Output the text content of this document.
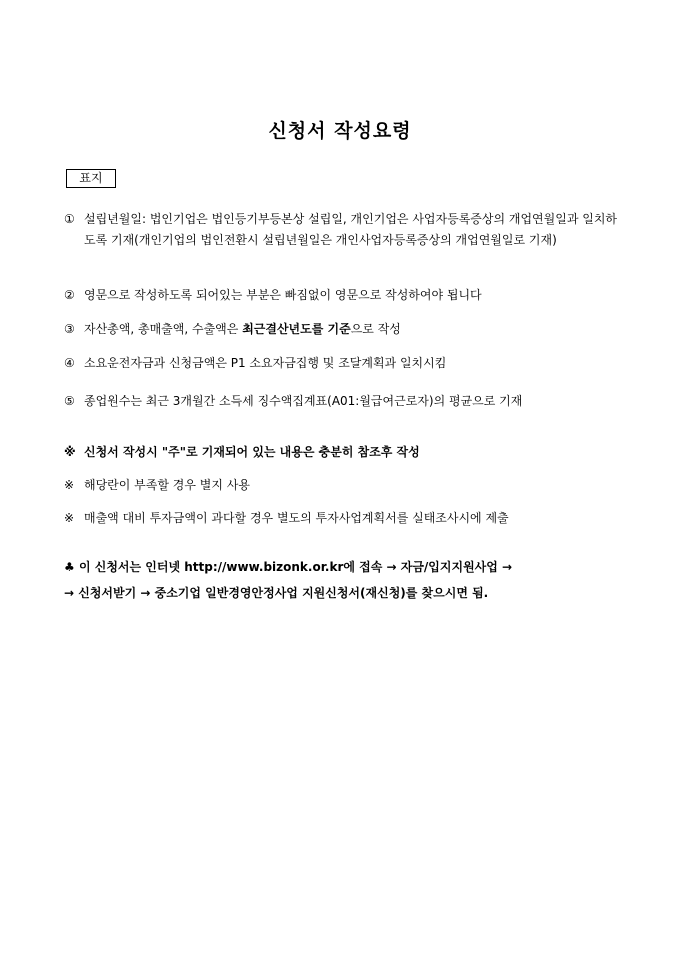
신청서 작성요령
표지
① 설립년월일: 법인기업은 법인등기부등본상 설립일, 개인기업은 사업자등록증상의 개업연월일과 일치하도록 기재(개인기업의 법인전환시 설립년월일은 개인사업자등록증상의 개업연월일로 기재)
② 영문으로 작성하도록 되어있는 부분은 빠짐없이 영문으로 작성하여야 됩니다
③ 자산총액, 총매출액, 수출액은 최근결산년도를 기준으로 작성
④ 소요운전자금과 신청금액은 P1 소요자금집행 및 조달계획과 일치시킴
⑤ 종업원수는 최근 3개월간 소득세 징수액집계표(A01:월급여근로자)의 평균으로 기재
※ 신청서 작성시 "주"로 기재되어 있는 내용은 충분히 참조후 작성
※ 해당란이 부족할 경우 별지 사용
※ 매출액 대비 투자금액이 과다할 경우 별도의 투자사업계획서를 실태조사시에 제출
♣ 이 신청서는 인터넷 http://www.bizonk.or.kr에 접속 → 자금/입지지원사업 →
→ 신청서받기 → 중소기업 일반경영안정사업 지원신청서(재신청)를 찾으시면 됨.
